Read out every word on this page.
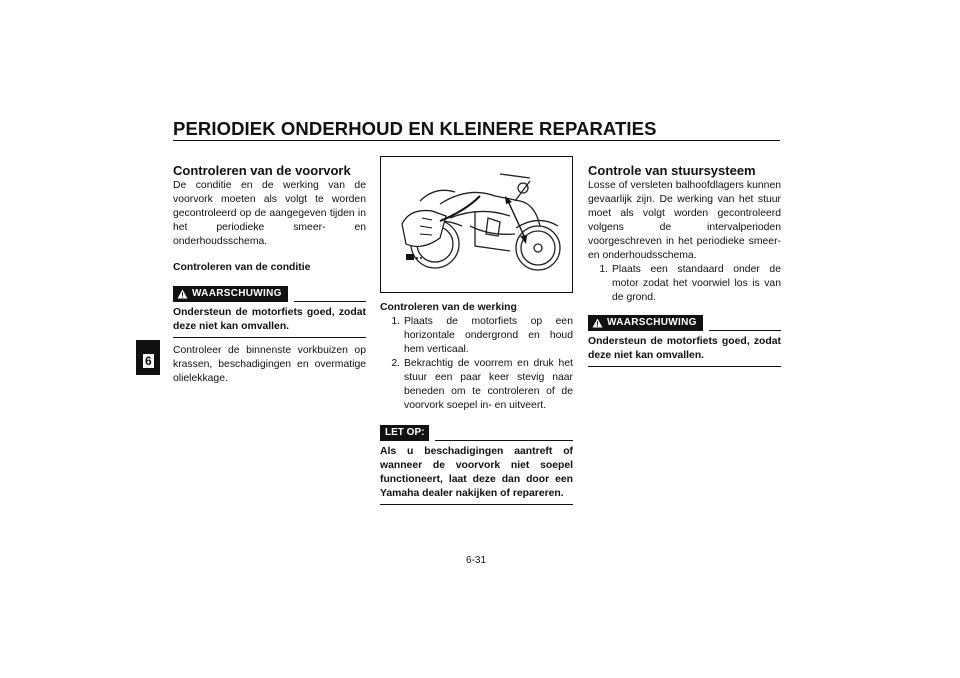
PERIODIEK ONDERHOUD EN KLEINERE REPARATIES
6
Controleren van de voorvork

De conditie en de werking van de voorvork moeten als volgt te worden gecontroleerd op de aangegeven tijden in het periodieke smeer- en onderhoudsschema.

Controleren van de conditie

WAARSCHUWING

Ondersteun de motorfiets goed, zodat deze niet kan omvallen.

Controleer de binnenste vorkbuizen op krassen, beschadigingen en overmatige olielekkage.

Controleren van de werking

1. Plaats de motorfiets op een horizontale ondergrond en houd hem verticaal.
2. Bekrachtig de voorrem en druk het stuur een paar keer stevig naar beneden om te controleren of de voorvork soepel in- en uitveert.
LET OP:

Als u beschadigingen aantreft of wanneer de voorvork niet soepel functioneert, laat deze dan door een Yamaha dealer nakijken of repareren.

Controle van stuursysteem

Losse of versleten balhoofdlagers kunnen gevaarlijk zijn. De werking van het stuur moet als volgt worden gecontroleerd volgens de intervalperioden voorgeschreven in het periodieke smeer- en onderhoudsschema.

1. Plaats een standaard onder de motor zodat het voorwiel los is van de grond.
WAARSCHUWING

Ondersteun de motorfiets goed, zodat deze niet kan omvallen.

6-31
